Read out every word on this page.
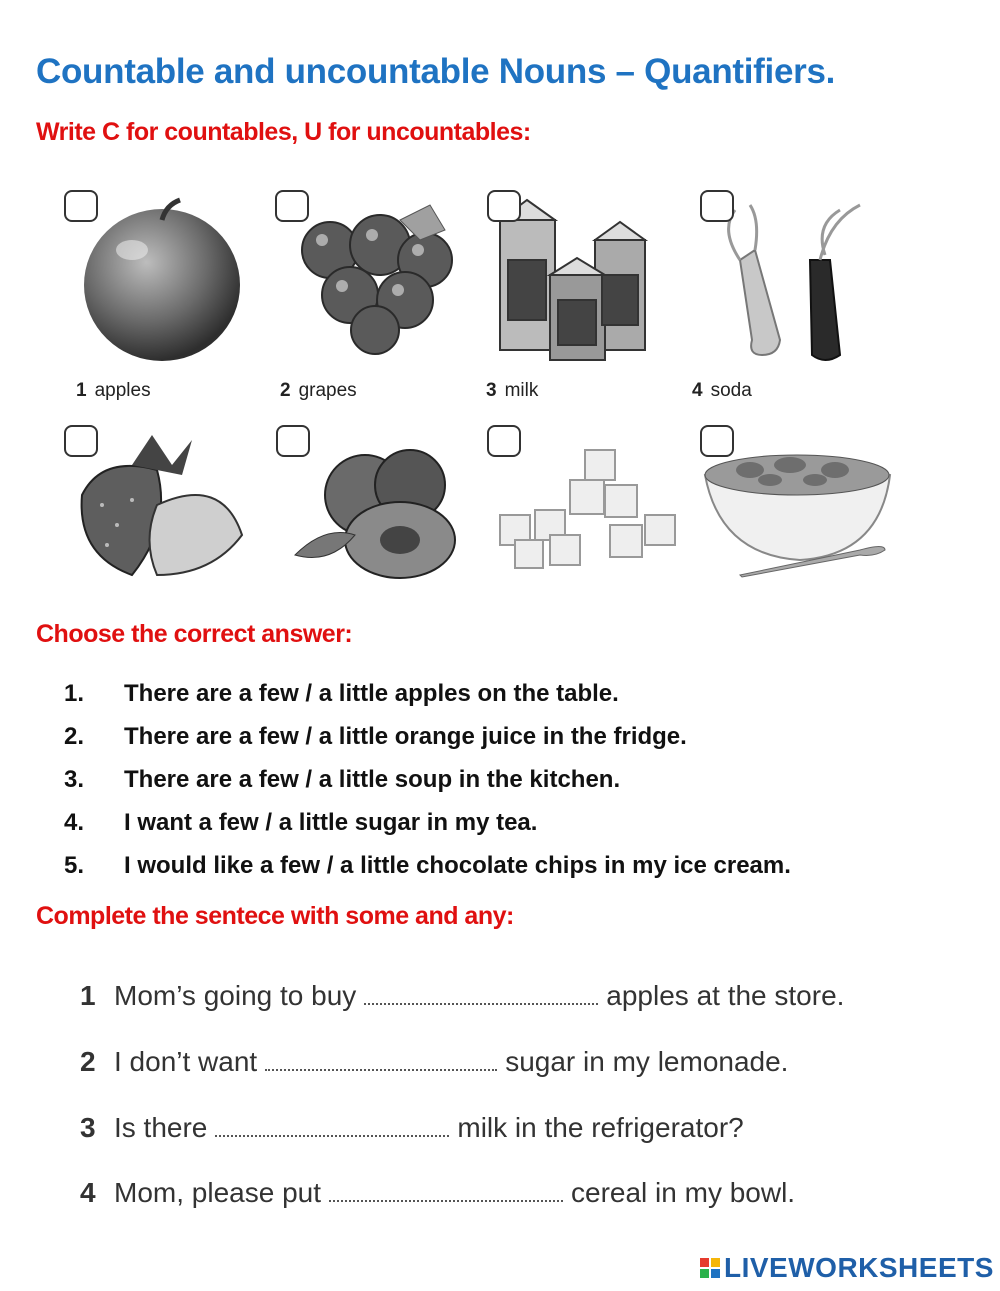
Countable and uncountable Nouns – Quantifiers.
Write C for countables, U for uncountables:
1 apples	2 grapes	3 milk	4 soda
Choose the correct answer:
1.	There are a few / a little apples on the table.
2.	There are a few / a little orange juice in the fridge.
3.	There are a few / a little soup in the kitchen.
4.	I want a few / a little sugar in my tea.
5.	I would like a few / a little chocolate chips in my ice cream.
Complete the sentece with some and any:
1 Mom’s going to buy	apples at the store.
2 I don’t want	sugar in my lemonade.
3 Is there	milk in the refrigerator?
4 Mom, please put	cereal in my bowl.
LIVEWORKSHEETS
